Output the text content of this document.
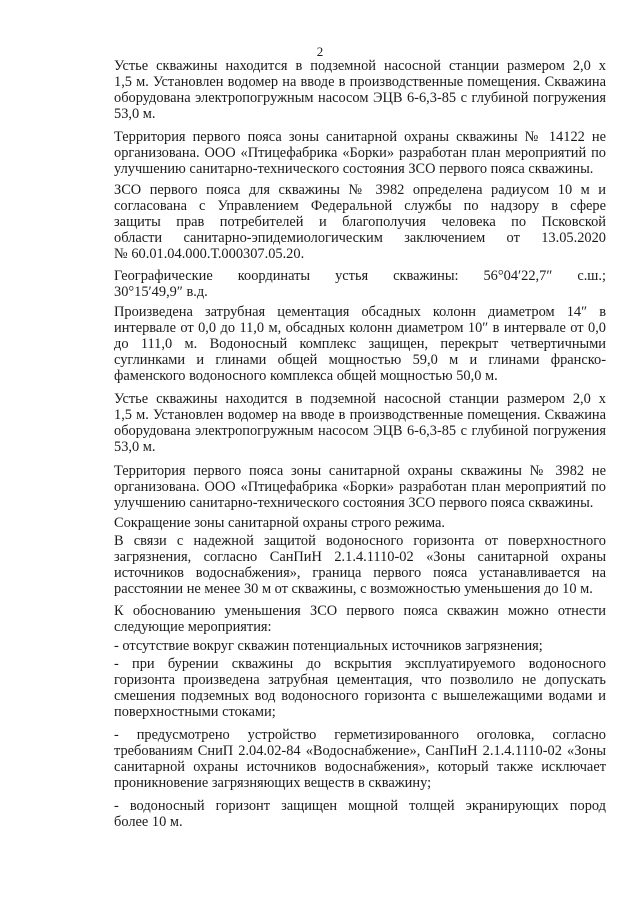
2

Устье скважины находится в подземной насосной станции размером 2,0 х
1,5 м. Установлен водомер на вводе в производственные помещения. Скважина
оборудована электропогружным насосом ЭЦВ 6-6,3-85 с глубиной погружения
53,0 м.

Территория первого пояса зоны санитарной охраны скважины № 14122 не
организована. ООО «Птицефабрика «Борки» разработан план мероприятий по
улучшению санитарно-технического состояния ЗСО первого пояса скважины.

ЗСО первого пояса для скважины № 3982 определена радиусом 10 м и
согласована с Управлением Федеральной службы по надзору в сфере
защиты прав потребителей и благополучия человека по Псковской
области санитарно-эпидемиологическим заключением от 13.05.2020
№ 60.01.04.000.Т.000307.05.20.

Географические координаты устья скважины: 56°04′22,7″ с.ш.;
30°15′49,9″ в.д.

Произведена затрубная цементация обсадных колонн диаметром 14″ в
интервале от 0,0 до 11,0 м, обсадных колонн диаметром 10″ в интервале от 0,0
до 111,0 м. Водоносный комплекс защищен, перекрыт четвертичными
суглинками и глинами общей мощностью 59,0 м и глинами франско-
фаменского водоносного комплекса общей мощностью 50,0 м.

Устье скважины находится в подземной насосной станции размером 2,0 х
1,5 м. Установлен водомер на вводе в производственные помещения. Скважина
оборудована электропогружным насосом ЭЦВ 6-6,3-85 с глубиной погружения
53,0 м.

Территория первого пояса зоны санитарной охраны скважины № 3982 не
организована. ООО «Птицефабрика «Борки» разработан план мероприятий по
улучшению санитарно-технического состояния ЗСО первого пояса скважины.

Сокращение зоны санитарной охраны строго режима.

В связи с надежной защитой водоносного горизонта от поверхностного
загрязнения, согласно СанПиН 2.1.4.1110-02 «Зоны санитарной охраны
источников водоснабжения», граница первого пояса устанавливается на
расстоянии не менее 30 м от скважины, с возможностью уменьшения до 10 м.

К обоснованию уменьшения ЗСО первого пояса скважин можно отнести
следующие мероприятия:

- отсутствие вокруг скважин потенциальных источников загрязнения;

- при бурении скважины до вскрытия эксплуатируемого водоносного
горизонта произведена затрубная цементация, что позволило не допускать
смешения подземных вод водоносного горизонта с вышележащими водами и
поверхностными стоками;

- предусмотрено устройство герметизированного оголовка, согласно
требованиям СниП 2.04.02-84 «Водоснабжение», СанПиН 2.1.4.1110-02 «Зоны
санитарной охраны источников водоснабжения», который также исключает
проникновение загрязняющих веществ в скважину;

- водоносный горизонт защищен мощной толщей экранирующих пород
более 10 м.
